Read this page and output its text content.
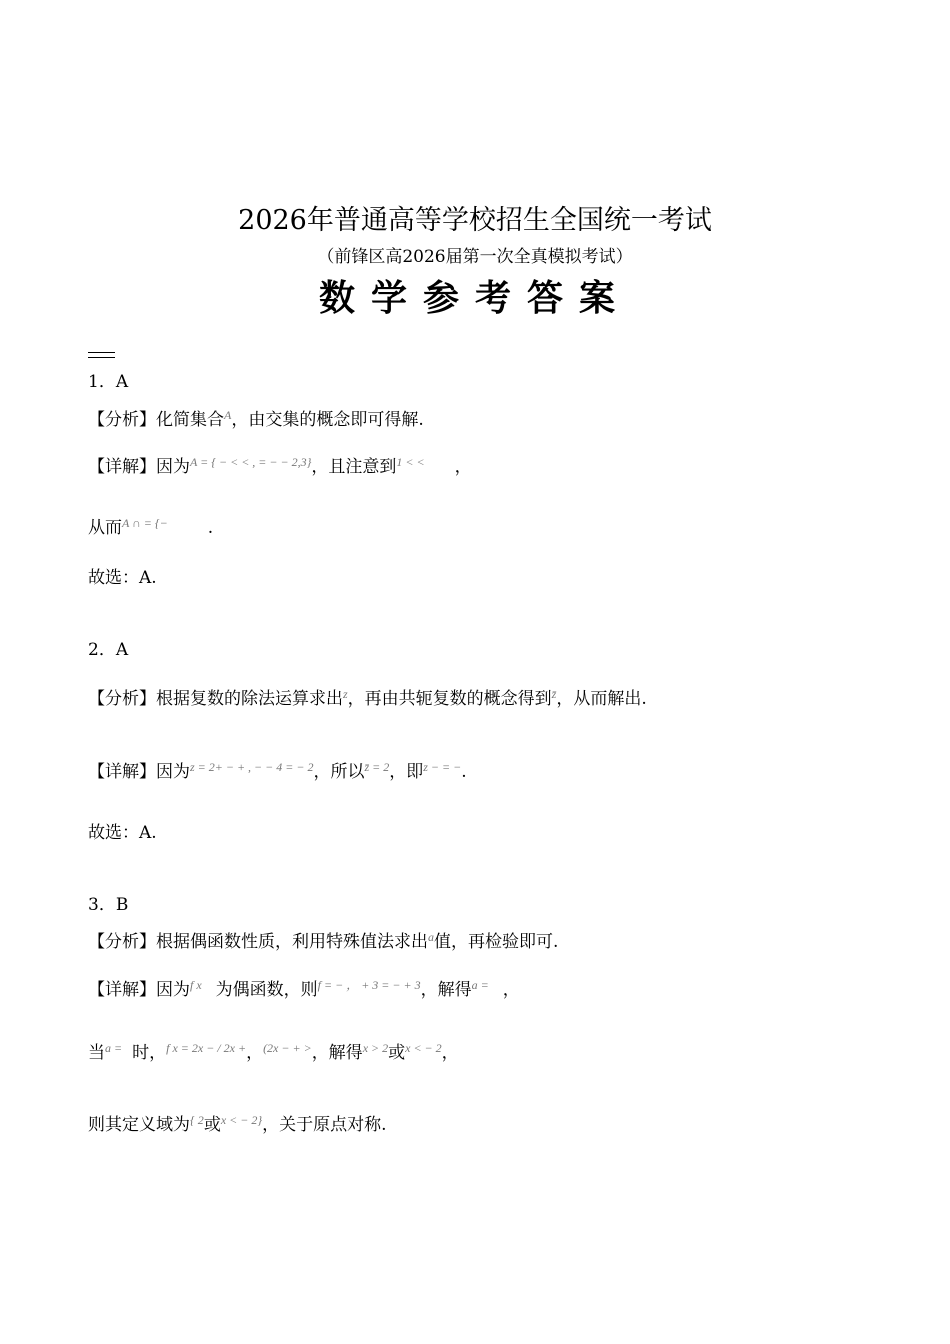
2026年普通高等学校招生全国统一考试
（前锋区高2026届第一次全真模拟考试）
数学参考答案
1．A
【分析】化简集合$^A$，由交集的概念即可得解.
【详解】因为$^{A = \{ - < < , = - - 2,3\}}$，且注意到$^{1 < <}$ ，
从而$^{A \cap = \{-}$ .
故选：A.
2．A
【分析】根据复数的除法运算求出$^z$，再由共轭复数的概念得到$^{z̄}$，从而解出.
【详解】因为$^{z = 2+ - + , - - 4 = - 2}$，所以$^{z̄ = 2}$，即$^{z - = -}$.
故选：A.
3．B
【分析】根据偶函数性质，利用特殊值法求出$^a$值，再检验即可.
【详解】因为$^{f x}$ 为偶函数，则$^{f = - , + 3 = - + 3}$，解得$^{a =}$ ，
当$^{a =}$ 时，$^{f x = 2x - / 2x +}$，$^{(2x - + >}$，解得$^{x > 2}$或$^{x < - 2}$，
则其定义域为$^{\{ 2}$或$^{x < - 2\}}$，关于原点对称.
